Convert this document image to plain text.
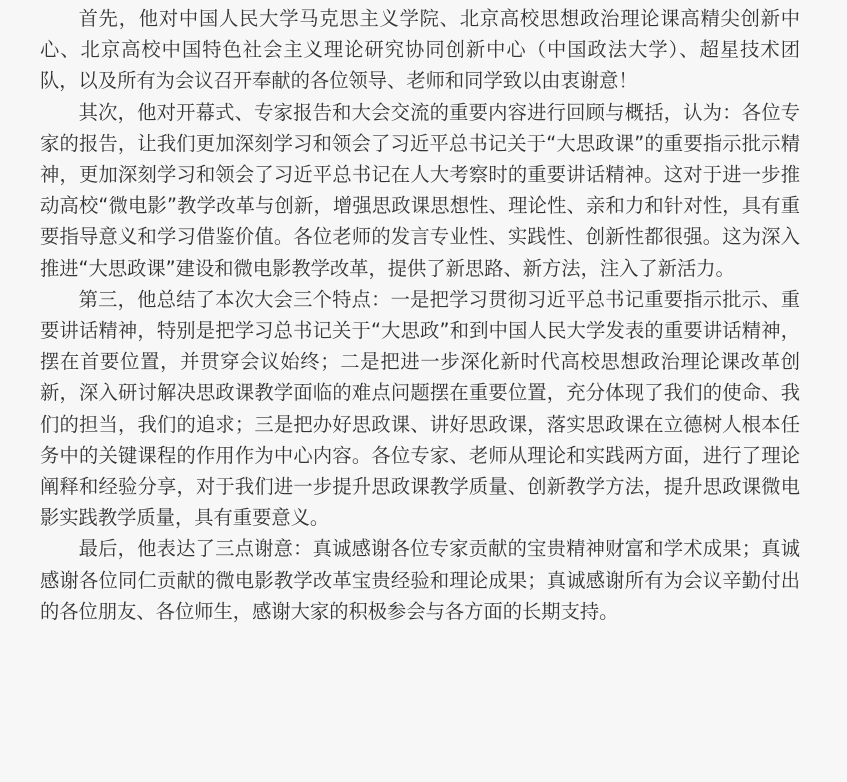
首先，他对中国人民大学马克思主义学院、北京高校思想政治理论课高精尖创新中心、北京高校中国特色社会主义理论研究协同创新中心（中国政法大学）、超星技术团队，以及所有为会议召开奉献的各位领导、老师和同学致以由衷谢意！

其次，他对开幕式、专家报告和大会交流的重要内容进行回顾与概括，认为：各位专家的报告，让我们更加深刻学习和领会了习近平总书记关于“大思政课”的重要指示批示精神，更加深刻学习和领会了习近平总书记在人大考察时的重要讲话精神。这对于进一步推动高校“微电影”教学改革与创新，增强思政课思想性、理论性、亲和力和针对性，具有重要指导意义和学习借鉴价值。各位老师的发言专业性、实践性、创新性都很强。这为深入推进“大思政课”建设和微电影教学改革，提供了新思路、新方法，注入了新活力。

第三，他总结了本次大会三个特点：一是把学习贯彻习近平总书记重要指示批示、重要讲话精神，特别是把学习总书记关于“大思政”和到中国人民大学发表的重要讲话精神，摆在首要位置，并贯穿会议始终；二是把进一步深化新时代高校思想政治理论课改革创新，深入研讨解决思政课教学面临的难点问题摆在重要位置，充分体现了我们的使命、我们的担当，我们的追求；三是把办好思政课、讲好思政课，落实思政课在立德树人根本任务中的关键课程的作用作为中心内容。各位专家、老师从理论和实践两方面，进行了理论阐释和经验分享，对于我们进一步提升思政课教学质量、创新教学方法，提升思政课微电影实践教学质量，具有重要意义。

最后，他表达了三点谢意：真诚感谢各位专家贡献的宝贵精神财富和学术成果；真诚感谢各位同仁贡献的微电影教学改革宝贵经验和理论成果；真诚感谢所有为会议辛勤付出的各位朋友、各位师生，感谢大家的积极参会与各方面的长期支持。
